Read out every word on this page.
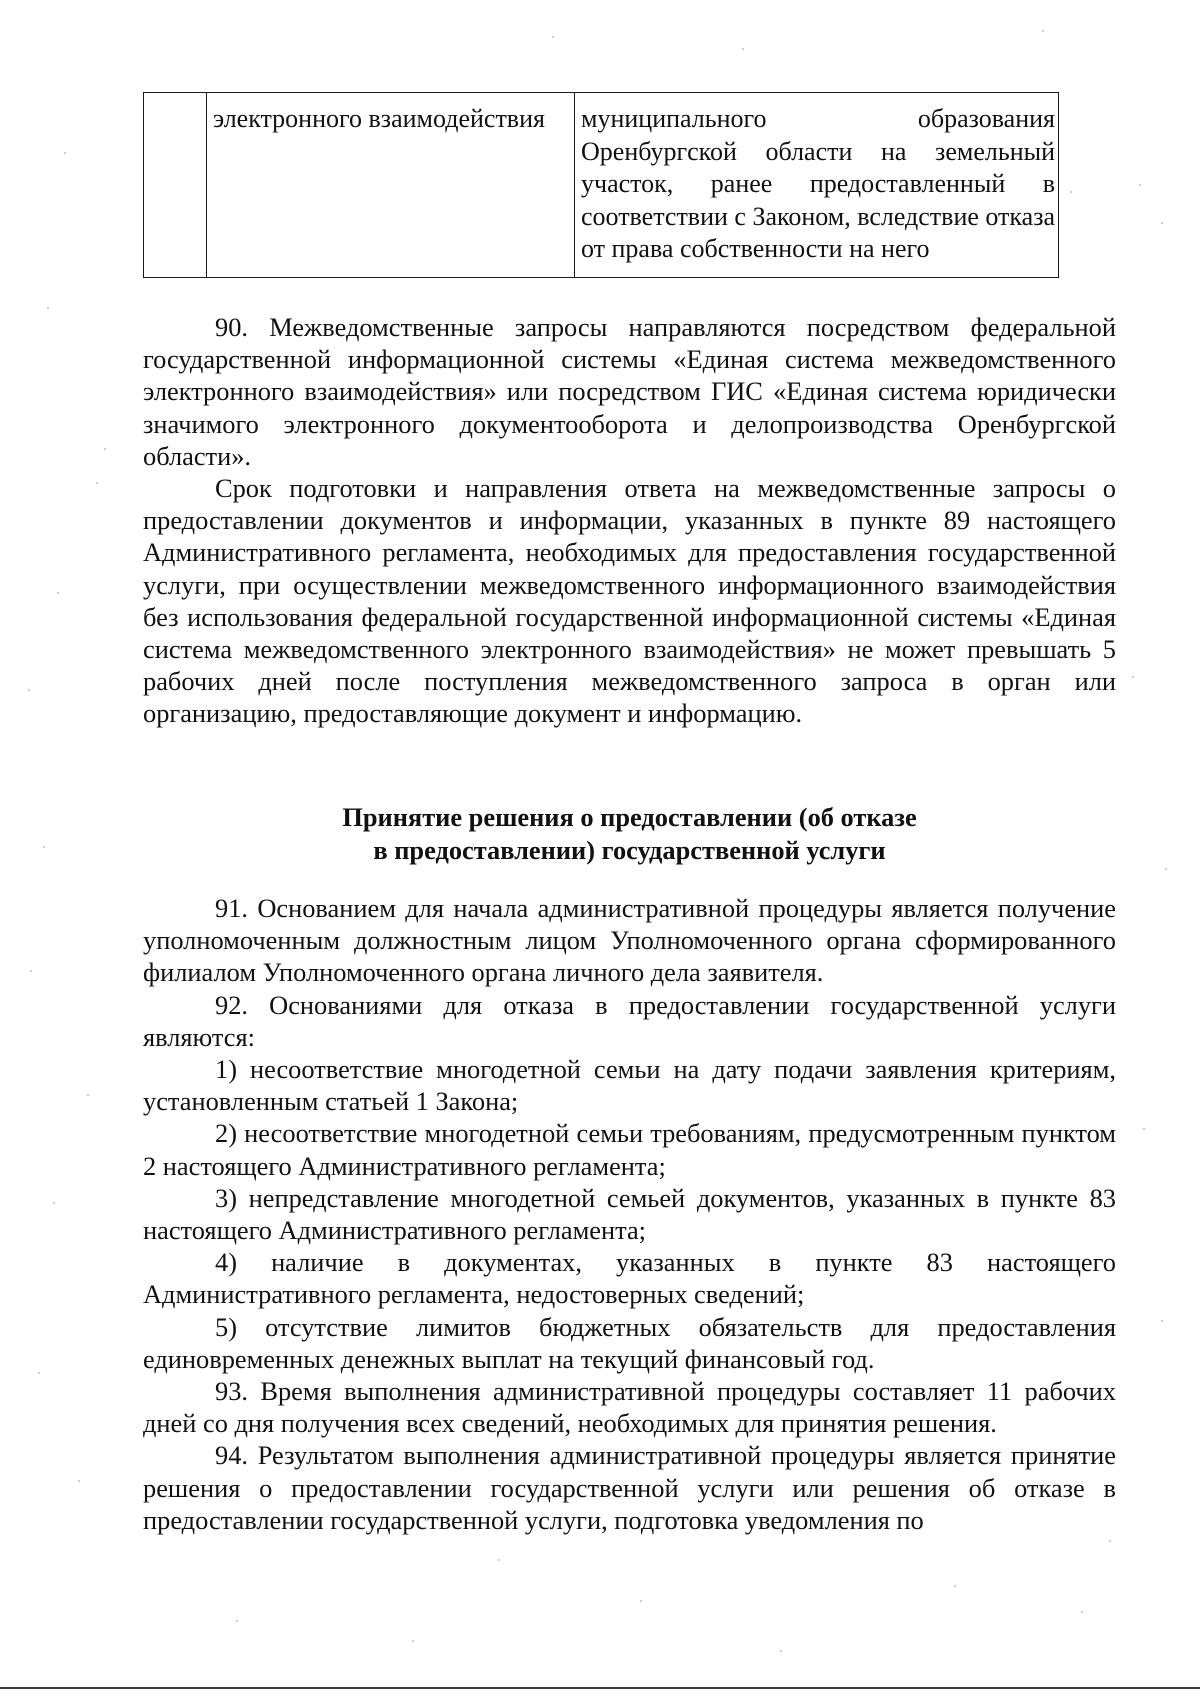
	электронного взаимодействия	муниципального образования Оренбургской области на земельный участок, ранее предоставленный в соответствии с Законом, вследствие отказа от права собственности на него

90. Межведомственные запросы направляются посредством федеральной государственной информационной системы «Единая система межведомственного электронного взаимодействия» или посредством ГИС «Единая система юридически значимого электронного документооборота и делопроизводства Оренбургской области».

Срок подготовки и направления ответа на межведомственные запросы о предоставлении документов и информации, указанных в пункте 89 настоящего Административного регламента, необходимых для предоставления государственной услуги, при осуществлении межведомственного информационного взаимодействия без использования федеральной государственной информационной системы «Единая система межведомственного электронного взаимодействия» не может превышать 5 рабочих дней после поступления межведомственного запроса в орган или организацию, предоставляющие документ и информацию.

Принятие решения о предоставлении (об отказе
в предоставлении) государственной услуги

91. Основанием для начала административной процедуры является получение уполномоченным должностным лицом Уполномоченного органа сформированного филиалом Уполномоченного органа личного дела заявителя.

92. Основаниями для отказа в предоставлении государственной услуги являются:

1) несоответствие многодетной семьи на дату подачи заявления критериям, установленным статьей 1 Закона;

2) несоответствие многодетной семьи требованиям, предусмотренным пунктом 2 настоящего Административного регламента;

3) непредставление многодетной семьей документов, указанных в пункте 83 настоящего Административного регламента;

4) наличие в документах, указанных в пункте 83 настоящего Административного регламента, недостоверных сведений;

5) отсутствие лимитов бюджетных обязательств для предоставления единовременных денежных выплат на текущий финансовый год.

93. Время выполнения административной процедуры составляет 11 рабочих дней со дня получения всех сведений, необходимых для принятия решения.

94. Результатом выполнения административной процедуры является принятие решения о предоставлении государственной услуги или решения об отказе в предоставлении государственной услуги, подготовка уведомления по
